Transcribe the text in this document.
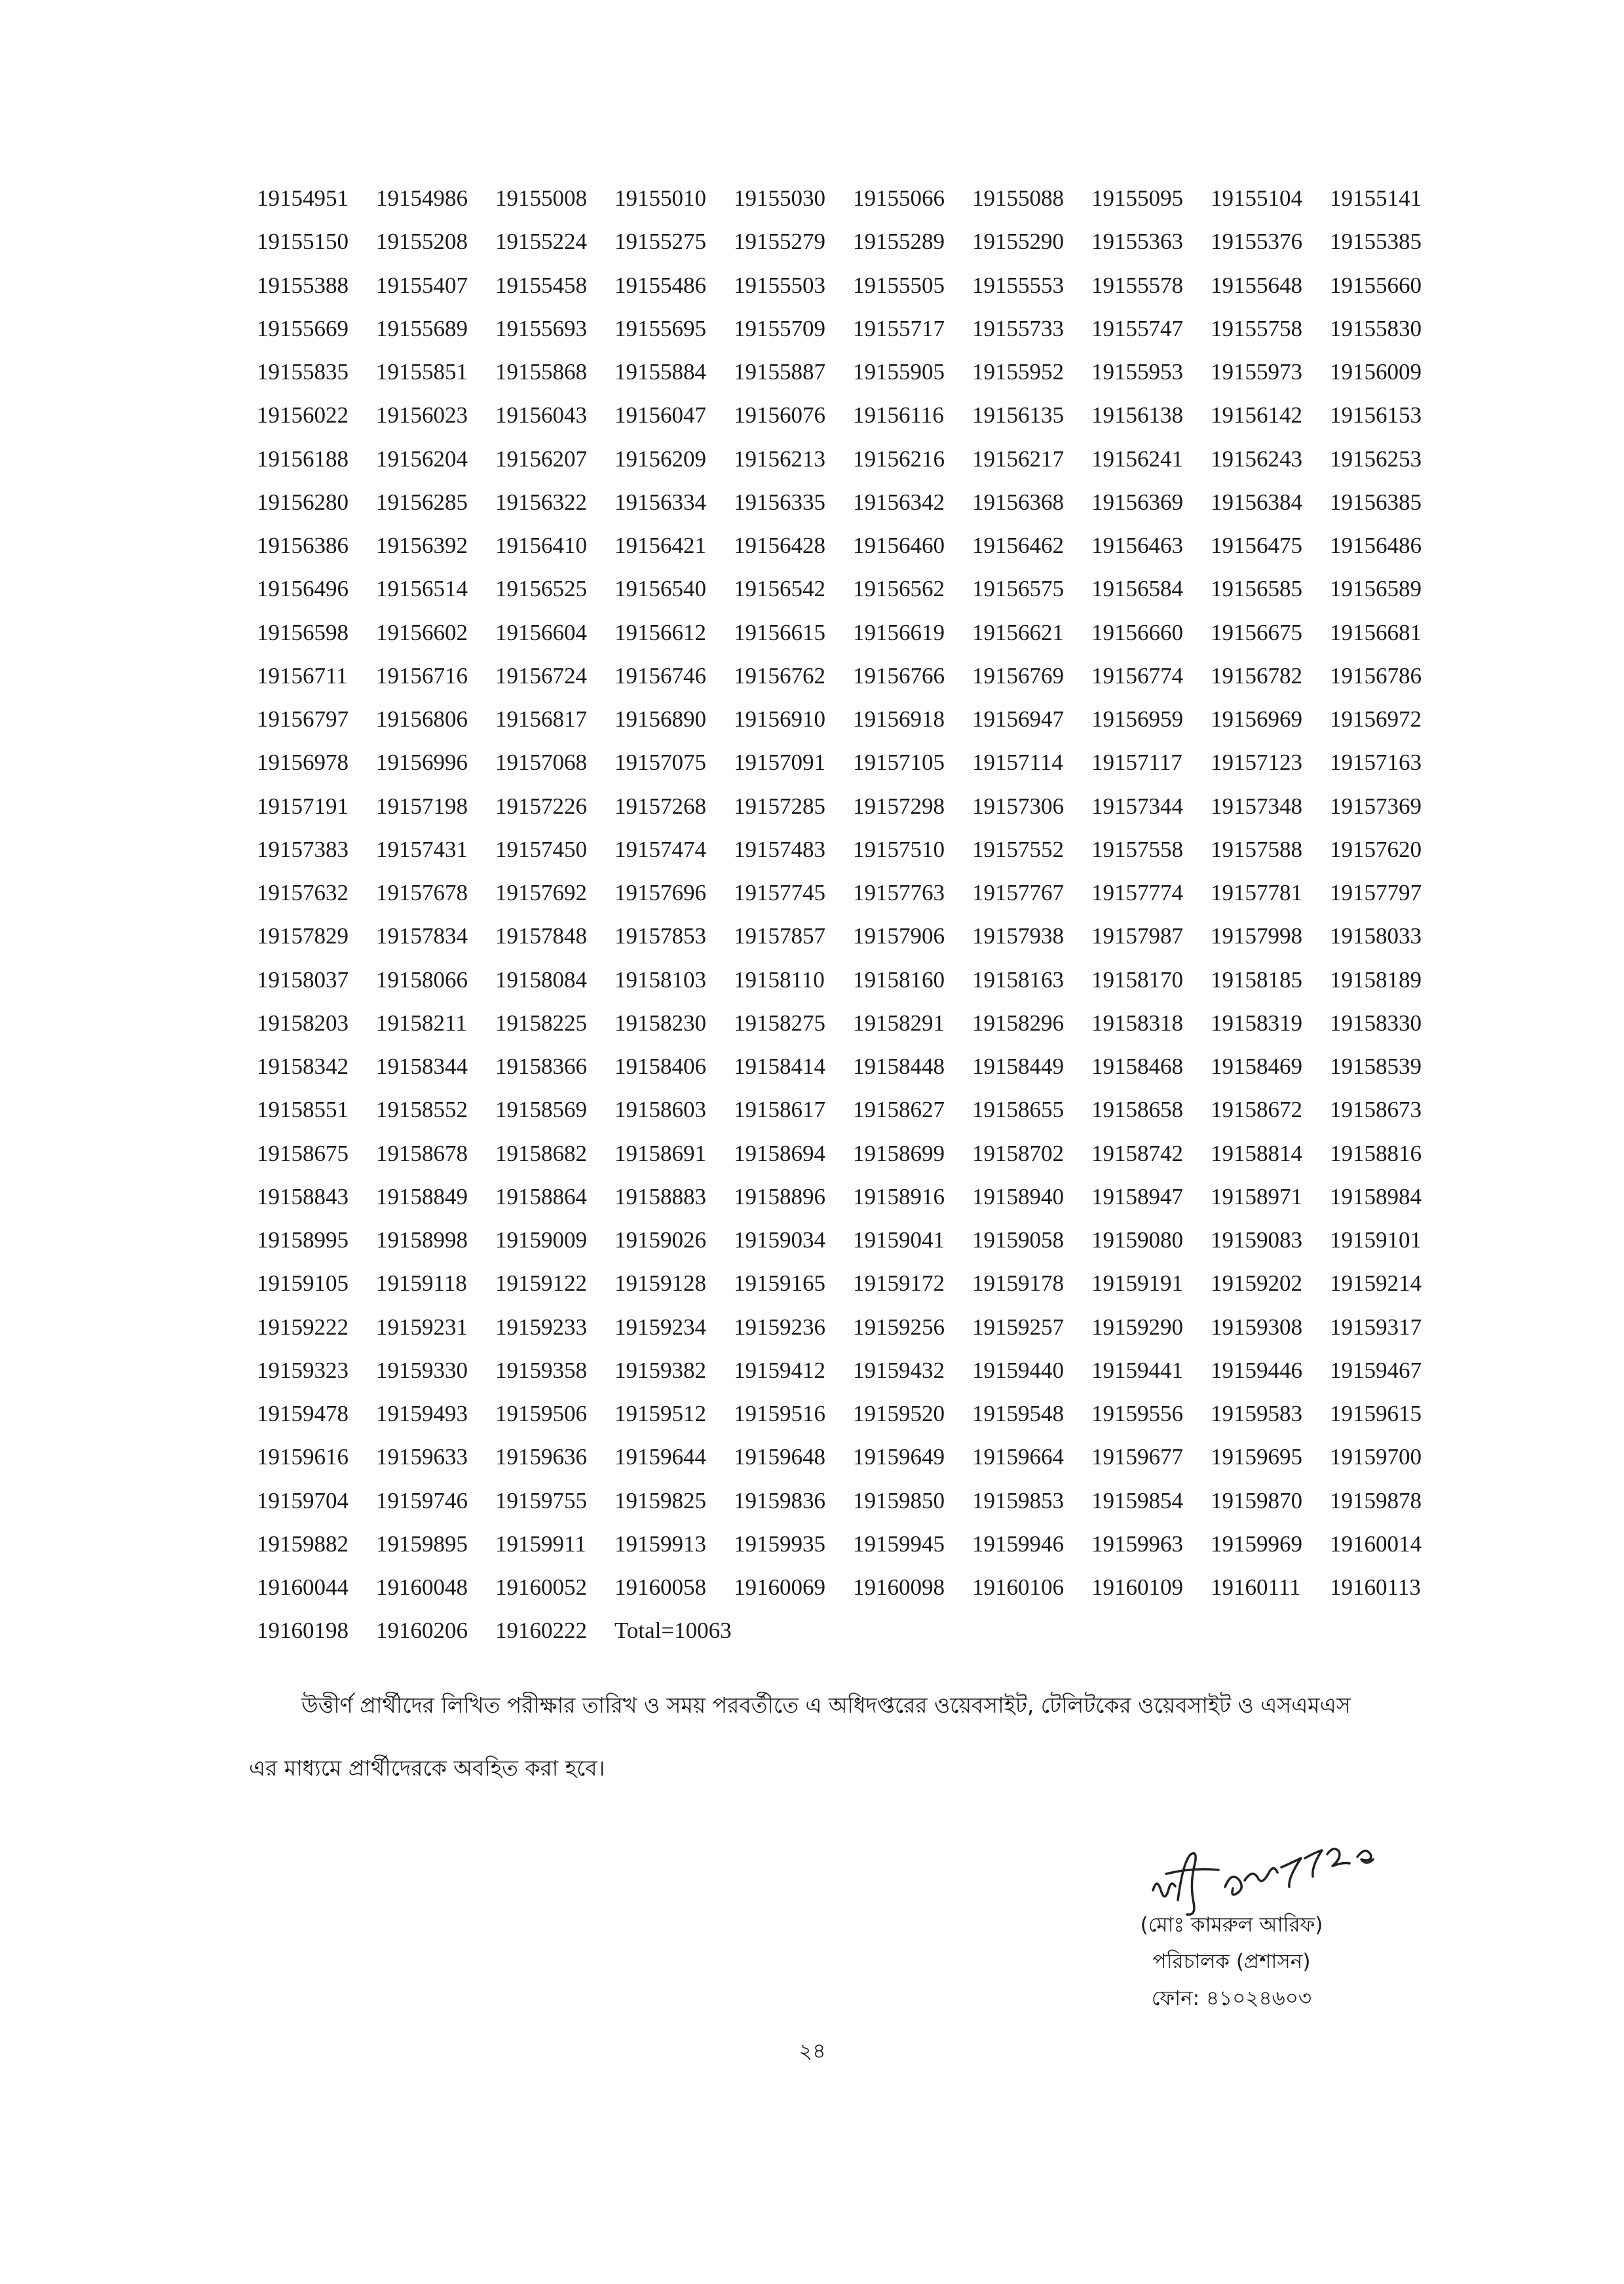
19154951	19154986	19155008	19155010	19155030	19155066	19155088	19155095	19155104	19155141
19155150	19155208	19155224	19155275	19155279	19155289	19155290	19155363	19155376	19155385
19155388	19155407	19155458	19155486	19155503	19155505	19155553	19155578	19155648	19155660
19155669	19155689	19155693	19155695	19155709	19155717	19155733	19155747	19155758	19155830
19155835	19155851	19155868	19155884	19155887	19155905	19155952	19155953	19155973	19156009
19156022	19156023	19156043	19156047	19156076	19156116	19156135	19156138	19156142	19156153
19156188	19156204	19156207	19156209	19156213	19156216	19156217	19156241	19156243	19156253
19156280	19156285	19156322	19156334	19156335	19156342	19156368	19156369	19156384	19156385
19156386	19156392	19156410	19156421	19156428	19156460	19156462	19156463	19156475	19156486
19156496	19156514	19156525	19156540	19156542	19156562	19156575	19156584	19156585	19156589
19156598	19156602	19156604	19156612	19156615	19156619	19156621	19156660	19156675	19156681
19156711	19156716	19156724	19156746	19156762	19156766	19156769	19156774	19156782	19156786
19156797	19156806	19156817	19156890	19156910	19156918	19156947	19156959	19156969	19156972
19156978	19156996	19157068	19157075	19157091	19157105	19157114	19157117	19157123	19157163
19157191	19157198	19157226	19157268	19157285	19157298	19157306	19157344	19157348	19157369
19157383	19157431	19157450	19157474	19157483	19157510	19157552	19157558	19157588	19157620
19157632	19157678	19157692	19157696	19157745	19157763	19157767	19157774	19157781	19157797
19157829	19157834	19157848	19157853	19157857	19157906	19157938	19157987	19157998	19158033
19158037	19158066	19158084	19158103	19158110	19158160	19158163	19158170	19158185	19158189
19158203	19158211	19158225	19158230	19158275	19158291	19158296	19158318	19158319	19158330
19158342	19158344	19158366	19158406	19158414	19158448	19158449	19158468	19158469	19158539
19158551	19158552	19158569	19158603	19158617	19158627	19158655	19158658	19158672	19158673
19158675	19158678	19158682	19158691	19158694	19158699	19158702	19158742	19158814	19158816
19158843	19158849	19158864	19158883	19158896	19158916	19158940	19158947	19158971	19158984
19158995	19158998	19159009	19159026	19159034	19159041	19159058	19159080	19159083	19159101
19159105	19159118	19159122	19159128	19159165	19159172	19159178	19159191	19159202	19159214
19159222	19159231	19159233	19159234	19159236	19159256	19159257	19159290	19159308	19159317
19159323	19159330	19159358	19159382	19159412	19159432	19159440	19159441	19159446	19159467
19159478	19159493	19159506	19159512	19159516	19159520	19159548	19159556	19159583	19159615
19159616	19159633	19159636	19159644	19159648	19159649	19159664	19159677	19159695	19159700
19159704	19159746	19159755	19159825	19159836	19159850	19159853	19159854	19159870	19159878
19159882	19159895	19159911	19159913	19159935	19159945	19159946	19159963	19159969	19160014
19160044	19160048	19160052	19160058	19160069	19160098	19160106	19160109	19160111	19160113
19160198	19160206	19160222	Total=10063						
উত্তীর্ণ প্রার্থীদের লিখিত পরীক্ষার তারিখ ও সময় পরবর্তীতে এ অধিদপ্তরের ওয়েবসাইট, টেলিটকের ওয়েবসাইট ও এসএমএস
এর মাধ্যমে প্রার্থীদেরকে অবহিত করা হবে।
(মোঃ কামরুল আরিফ)
পরিচালক (প্রশাসন)
ফোন: ৪১০২৪৬০৩
২৪
